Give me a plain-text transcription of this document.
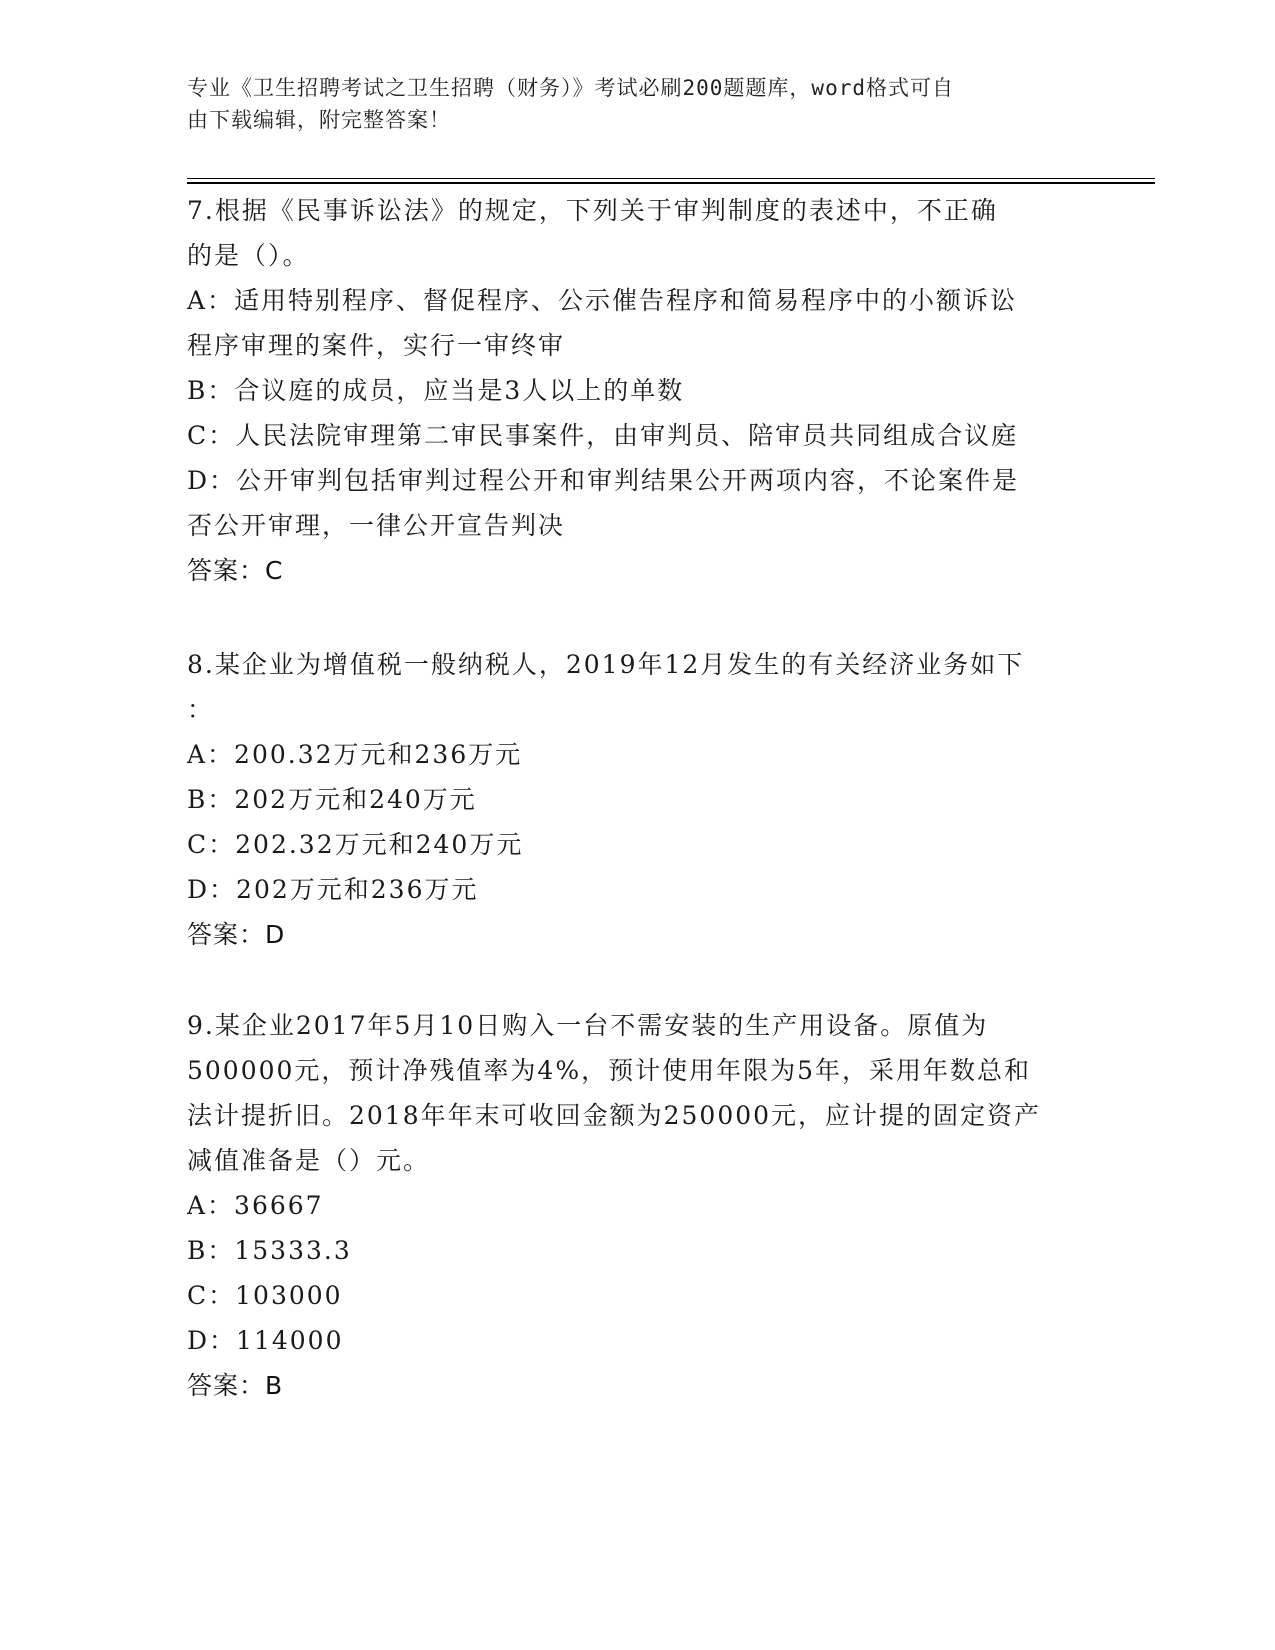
专业《卫生招聘考试之卫生招聘（财务）》考试必刷200题题库，word格式可自
由下载编辑，附完整答案！

7.根据《民事诉讼法》的规定，下列关于审判制度的表述中，不正确

的是（）。

A：适用特别程序、督促程序、公示催告程序和简易程序中的小额诉讼

程序审理的案件，实行一审终审

B：合议庭的成员，应当是3人以上的单数

C：人民法院审理第二审民事案件，由审判员、陪审员共同组成合议庭

D：公开审判包括审判过程公开和审判结果公开两项内容，不论案件是

否公开审理，一律公开宣告判决

答案：C

8.某企业为增值税一般纳税人，2019年12月发生的有关经济业务如下

：

A：200.32万元和236万元

B：202万元和240万元

C：202.32万元和240万元

D：202万元和236万元

答案：D

9.某企业2017年5月10日购入一台不需安装的生产用设备。原值为

500000元，预计净残值率为4%，预计使用年限为5年，采用年数总和

法计提折旧。2018年年末可收回金额为250000元，应计提的固定资产

减值准备是（）元。

A：36667

B：15333.3

C：103000

D：114000

答案：B
